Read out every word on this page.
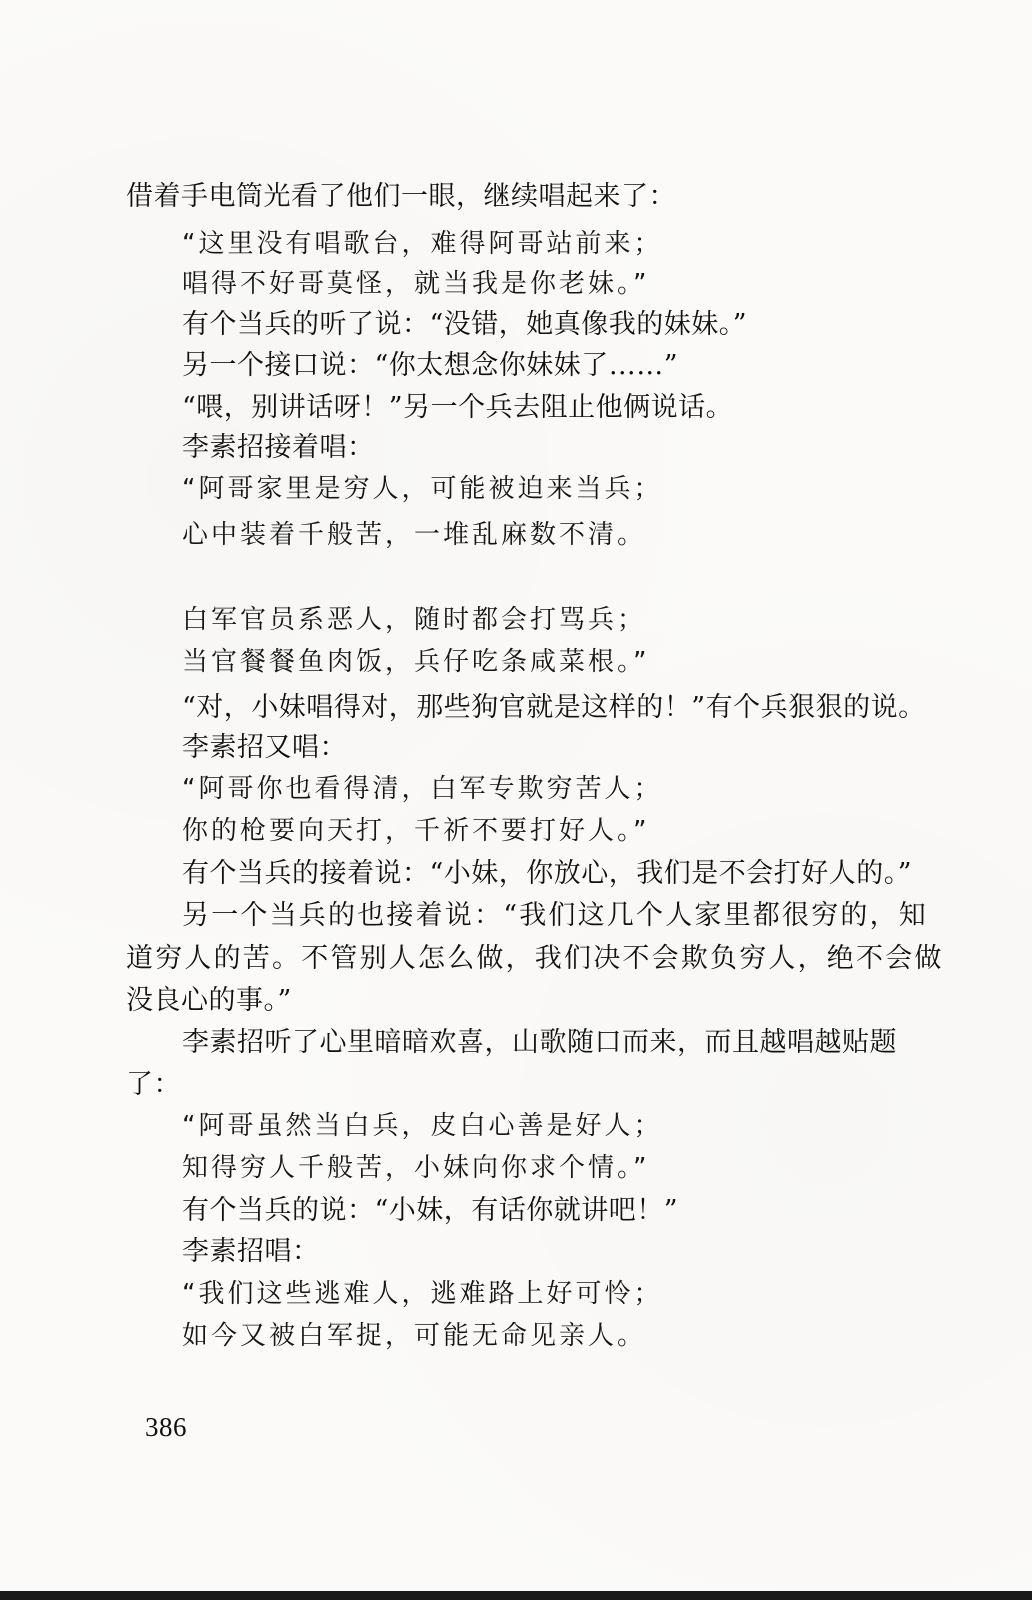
借着手电筒光看了他们一眼，继续唱起来了：
“这里没有唱歌台，难得阿哥站前来；
唱得不好哥莫怪，就当我是你老妹。”
有个当兵的听了说：“没错，她真像我的妹妹。”
另一个接口说：“你太想念你妹妹了……”
“喂，别讲话呀！”另一个兵去阻止他俩说话。
李素招接着唱：
“阿哥家里是穷人，可能被迫来当兵；
心中装着千般苦，一堆乱麻数不清。
白军官员系恶人，随时都会打骂兵；
当官餐餐鱼肉饭，兵仔吃条咸菜根。”
“对，小妹唱得对，那些狗官就是这样的！”有个兵狠狠的说。
李素招又唱：
“阿哥你也看得清，白军专欺穷苦人；
你的枪要向天打，千祈不要打好人。”
有个当兵的接着说：“小妹，你放心，我们是不会打好人的。”
另一个当兵的也接着说：“我们这几个人家里都很穷的，知
道穷人的苦。不管别人怎么做，我们决不会欺负穷人，绝不会做
没良心的事。”
李素招听了心里暗暗欢喜，山歌随口而来，而且越唱越贴题
了：
“阿哥虽然当白兵，皮白心善是好人；
知得穷人千般苦，小妹向你求个情。”
有个当兵的说：“小妹，有话你就讲吧！”
李素招唱：
“我们这些逃难人，逃难路上好可怜；
如今又被白军捉，可能无命见亲人。
386
